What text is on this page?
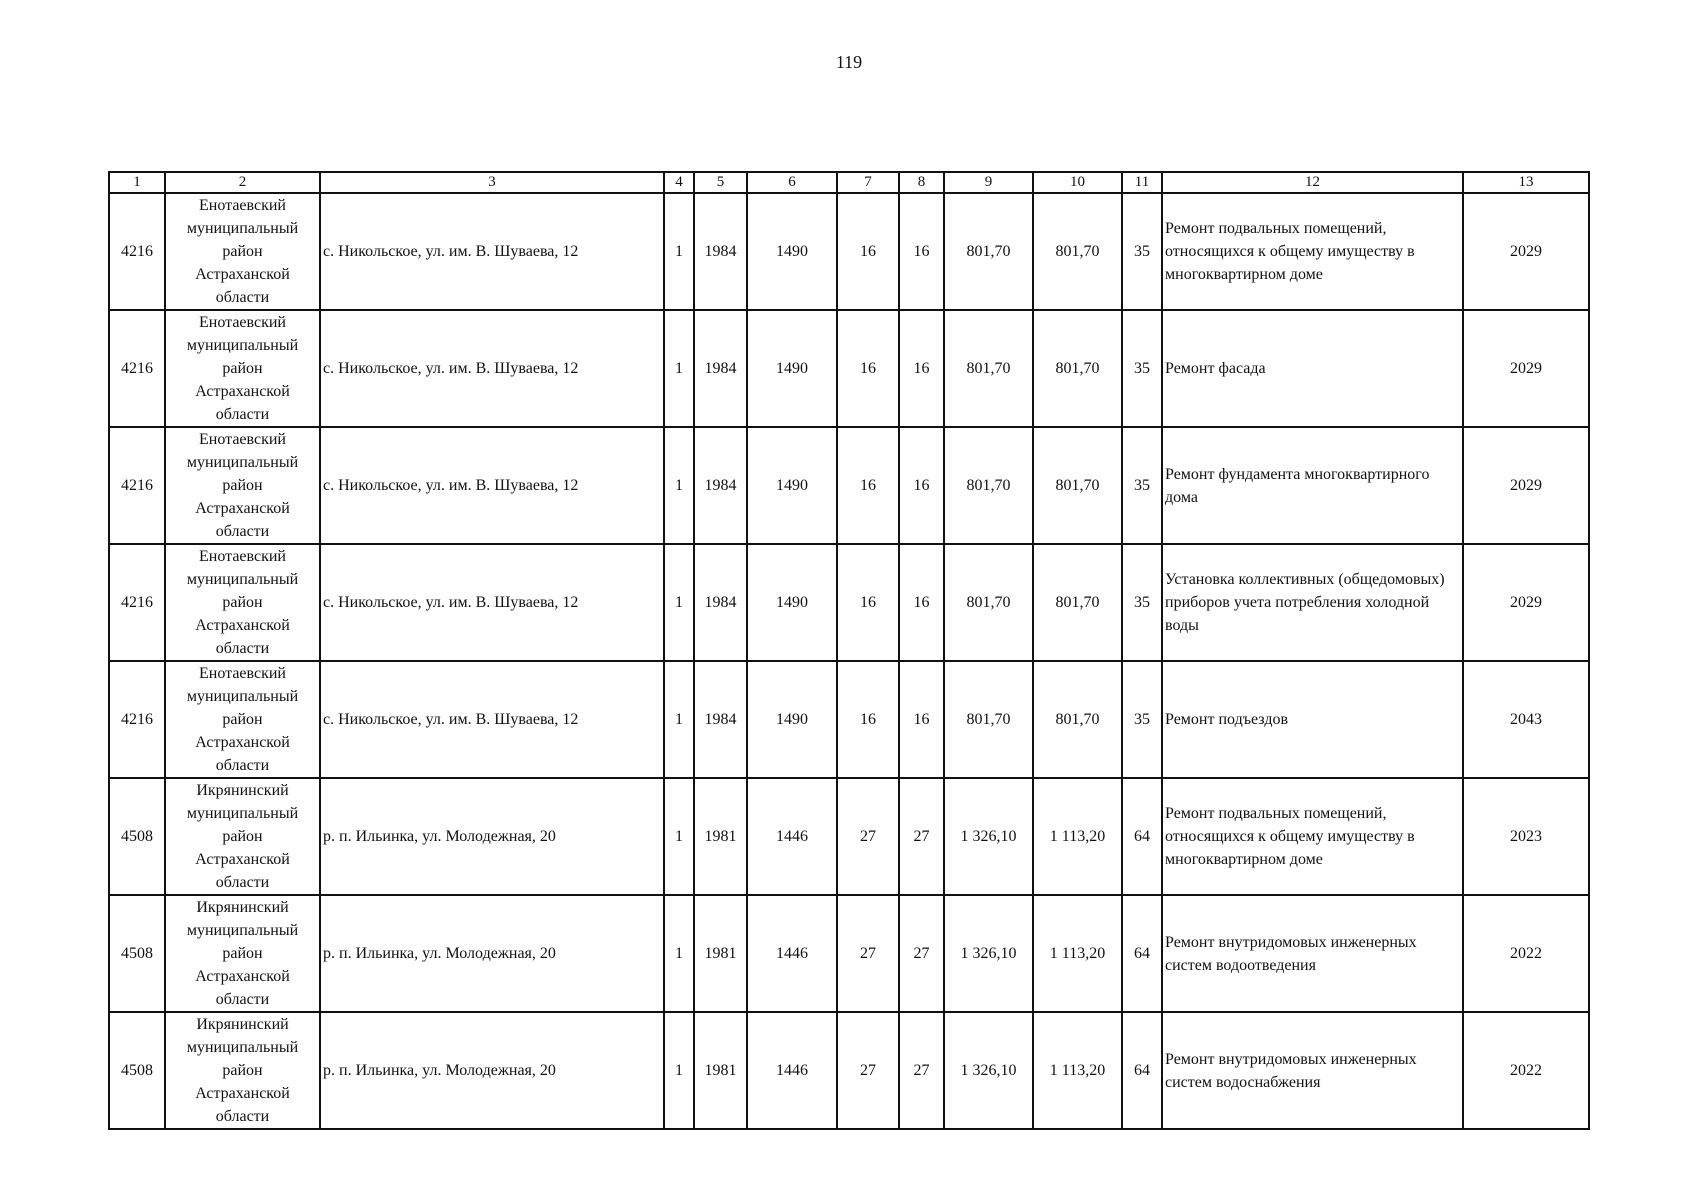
119
1	2	3	4	5	6	7	8	9	10	11	12	13
4216	Енотаевский
муниципальный
район
Астраханской
области	с. Никольское, ул. им. В. Шуваева, 12	1	1984	1490	16	16	801,70	801,70	35	Ремонт подвальных помещений, относящихся к общему имуществу в многоквартирном доме	2029
4216	Енотаевский
муниципальный
район
Астраханской
области	с. Никольское, ул. им. В. Шуваева, 12	1	1984	1490	16	16	801,70	801,70	35	Ремонт фасада	2029
4216	Енотаевский
муниципальный
район
Астраханской
области	с. Никольское, ул. им. В. Шуваева, 12	1	1984	1490	16	16	801,70	801,70	35	Ремонт фундамента многоквартирного дома	2029
4216	Енотаевский
муниципальный
район
Астраханской
области	с. Никольское, ул. им. В. Шуваева, 12	1	1984	1490	16	16	801,70	801,70	35	Установка коллективных (общедомовых) приборов учета потребления холодной воды	2029
4216	Енотаевский
муниципальный
район
Астраханской
области	с. Никольское, ул. им. В. Шуваева, 12	1	1984	1490	16	16	801,70	801,70	35	Ремонт подъездов	2043
4508	Икрянинский
муниципальный
район
Астраханской
области	р. п. Ильинка, ул. Молодежная, 20	1	1981	1446	27	27	1 326,10	1 113,20	64	Ремонт подвальных помещений, относящихся к общему имуществу в многоквартирном доме	2023
4508	Икрянинский
муниципальный
район
Астраханской
области	р. п. Ильинка, ул. Молодежная, 20	1	1981	1446	27	27	1 326,10	1 113,20	64	Ремонт внутридомовых инженерных систем водоотведения	2022
4508	Икрянинский
муниципальный
район
Астраханской
области	р. п. Ильинка, ул. Молодежная, 20	1	1981	1446	27	27	1 326,10	1 113,20	64	Ремонт внутридомовых инженерных систем водоснабжения	2022
